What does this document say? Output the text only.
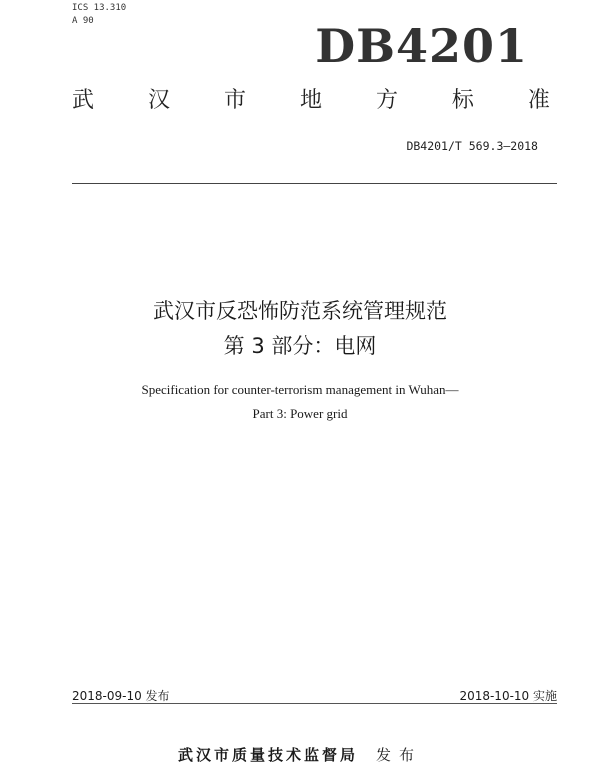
ICS 13.310
A 90	DB4201
武 汉 市 地 方 标 准
DB4201/T 569.3—2018
武汉市反恐怖防范系统管理规范
第 3 部分：电网
Specification for counter-terrorism management in Wuhan—
Part 3: Power grid
2018-09-10 发布	2018-10-10 实施
武汉市质量技术监督局 发布
